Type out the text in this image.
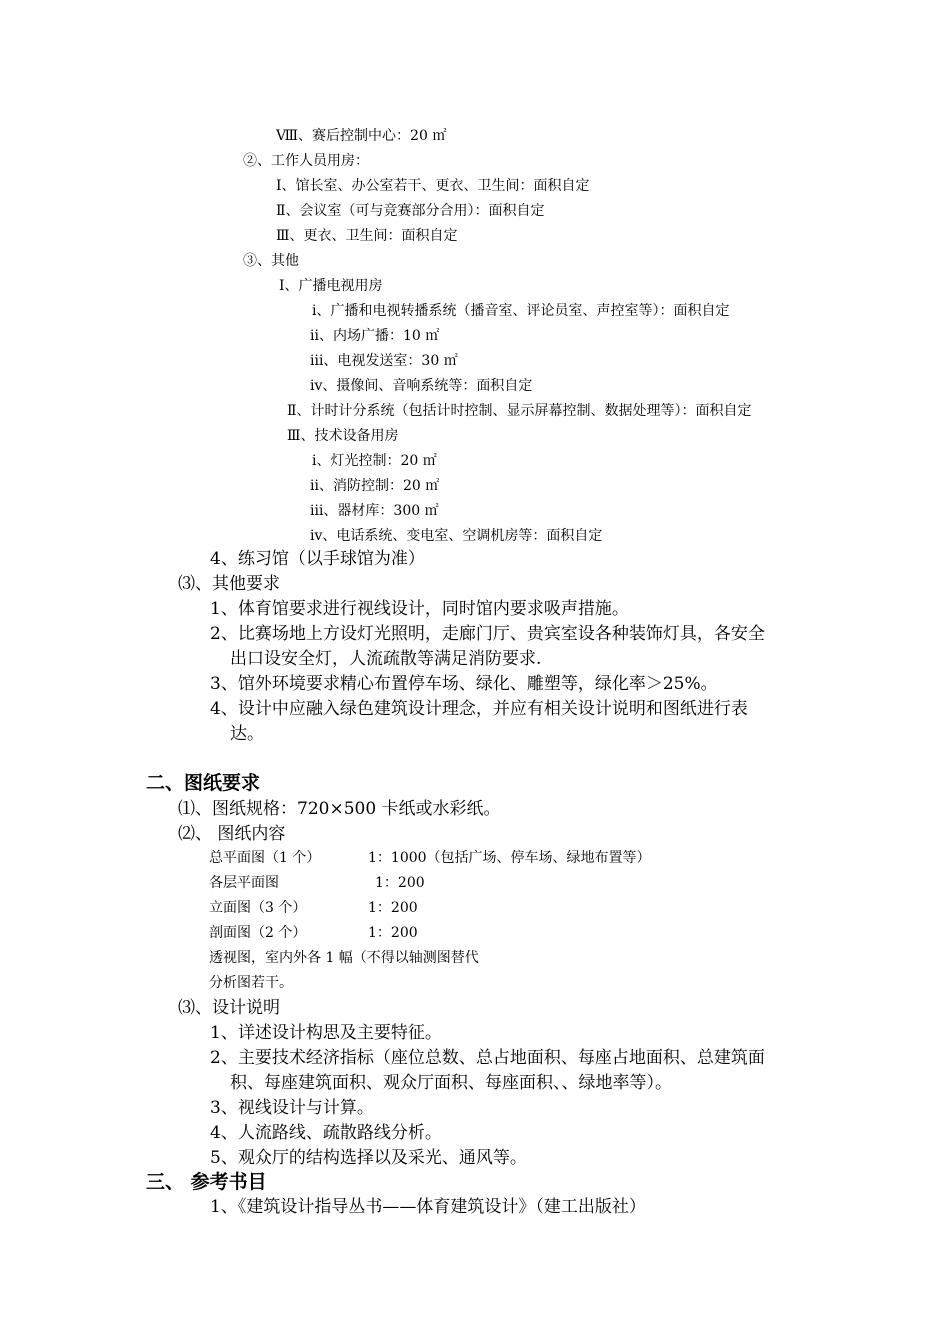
Ⅷ、赛后控制中心：20 ㎡
②、工作人员用房：
Ⅰ、馆长室、办公室若干、更衣、卫生间：面积自定
Ⅱ、会议室（可与竞赛部分合用）：面积自定
Ⅲ、更衣、卫生间：面积自定
③、其他
Ⅰ、广播电视用房
ⅰ、广播和电视转播系统（播音室、评论员室、声控室等）：面积自定
ⅱ、内场广播：10 ㎡
ⅲ、电视发送室：30 ㎡
ⅳ、摄像间、音响系统等：面积自定
Ⅱ、计时计分系统（包括计时控制、显示屏幕控制、数据处理等）：面积自定
Ⅲ、技术设备用房
ⅰ、灯光控制：20 ㎡
ⅱ、消防控制：20 ㎡
ⅲ、器材库：300 ㎡
ⅳ、电话系统、变电室、空调机房等：面积自定
4、练习馆（以手球馆为准）
⑶、其他要求
1、体育馆要求进行视线设计，同时馆内要求吸声措施。
2、比赛场地上方设灯光照明，走廊门厅、贵宾室设各种装饰灯具，各安全
出口设安全灯，人流疏散等满足消防要求.
3、馆外环境要求精心布置停车场、绿化、雕塑等，绿化率＞25%。
4、设计中应融入绿色建筑设计理念，并应有相关设计说明和图纸进行表
达。
二、图纸要求
⑴、图纸规格：720×500 卡纸或水彩纸。
⑵、 图纸内容
总平面图（1 个）	1：1000（包括广场、停车场、绿地布置等）
各层平面图	1：200
立面图（3 个）	1：200
剖面图（2 个）	1：200
透视图，室内外各 1 幅（不得以轴测图替代
分析图若干。
⑶、设计说明
1、详述设计构思及主要特征。
2、主要技术经济指标（座位总数、总占地面积、每座占地面积、总建筑面
积、每座建筑面积、观众厅面积、每座面积、、绿地率等）。
3、视线设计与计算。
4、人流路线、疏散路线分析。
5、观众厅的结构选择以及采光、通风等。
三、 参考书目
1、《建筑设计指导丛书——体育建筑设计》（建工出版社）
